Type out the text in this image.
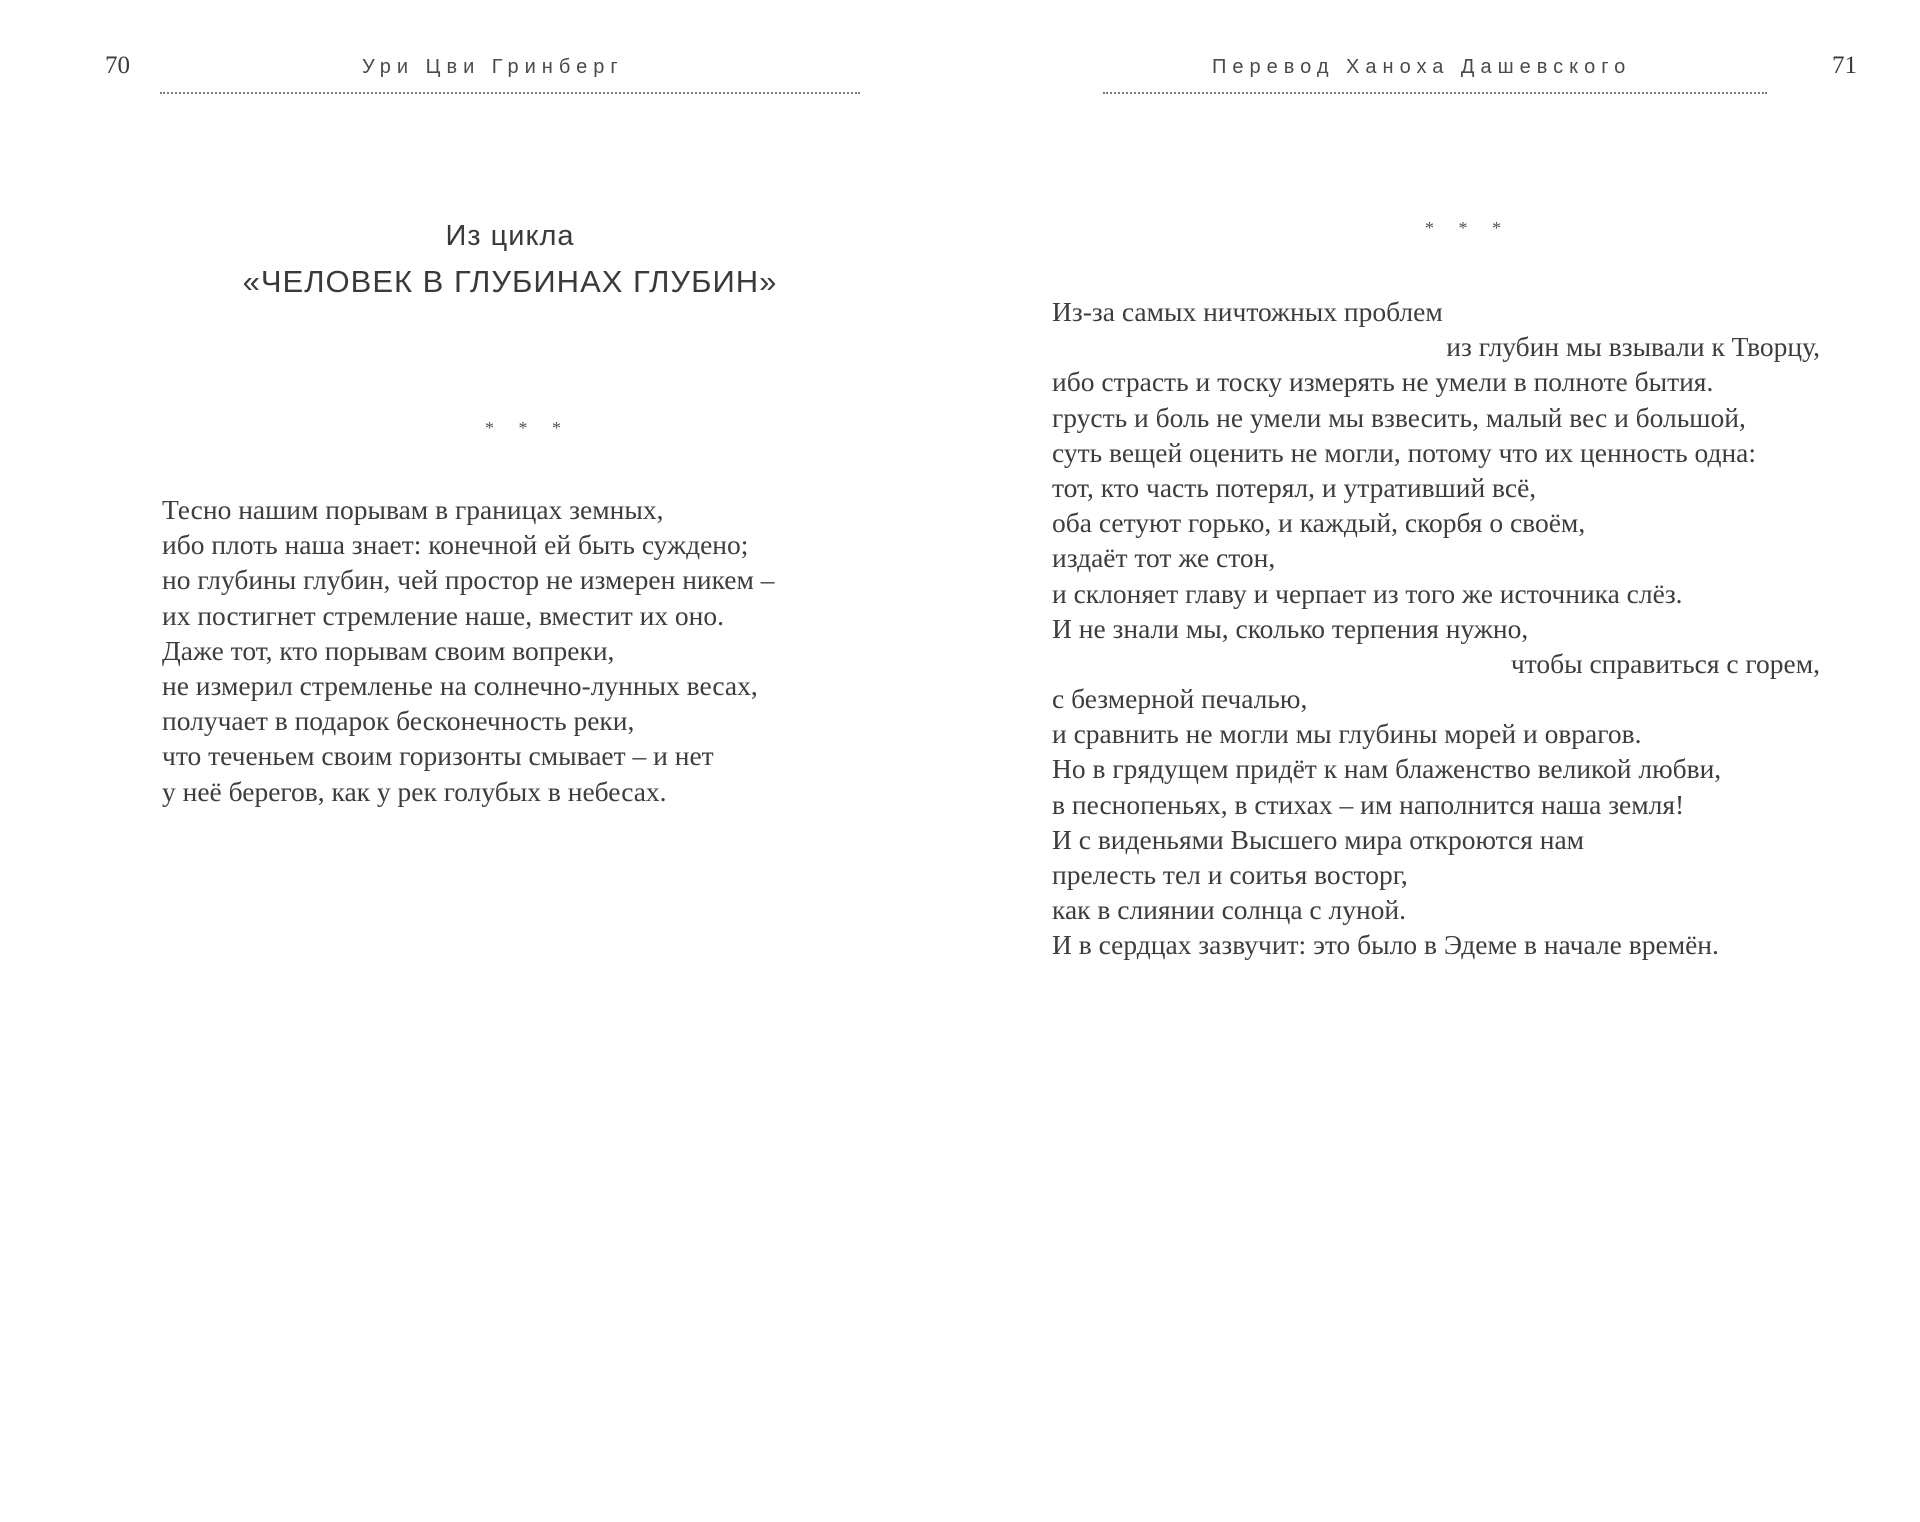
70	Ури Цви Гринберг
Из цикла
«ЧЕЛОВЕК В ГЛУБИНАХ ГЛУБИН»
* * *
Тесно нашим порывам в границах земных,
ибо плоть наша знает: конечной ей быть суждено;
но глубины глубин, чей простор не измерен никем –
их постигнет стремление наше, вместит их оно.
Даже тот, кто порывам своим вопреки,
не измерил стремленье на солнечно-лунных весах,
получает в подарок бесконечность реки,
что теченьем своим горизонты смывает – и нет
у неё берегов, как у рек голубых в небесах.
Перевод Ханоха Дашевского	71
* * *
Из-за самых ничтожных проблем
из глубин мы взывали к Творцу,
ибо страсть и тоску измерять не умели в полноте бытия.
грусть и боль не умели мы взвесить, малый вес и большой,
суть вещей оценить не могли, потому что их ценность одна:
тот, кто часть потерял, и утративший всё,
оба сетуют горько, и каждый, скорбя о своём,
издаёт тот же стон,
и склоняет главу и черпает из того же источника слёз.
И не знали мы, сколько терпения нужно,
чтобы справиться с горем,
с безмерной печалью,
и сравнить не могли мы глубины морей и оврагов.
Но в грядущем придёт к нам блаженство великой любви,
в песнопеньях, в стихах – им наполнится наша земля!
И с виденьями Высшего мира откроются нам
прелесть тел и соитья восторг,
как в слиянии солнца с луной.
И в сердцах зазвучит: это было в Эдеме в начале времён.
